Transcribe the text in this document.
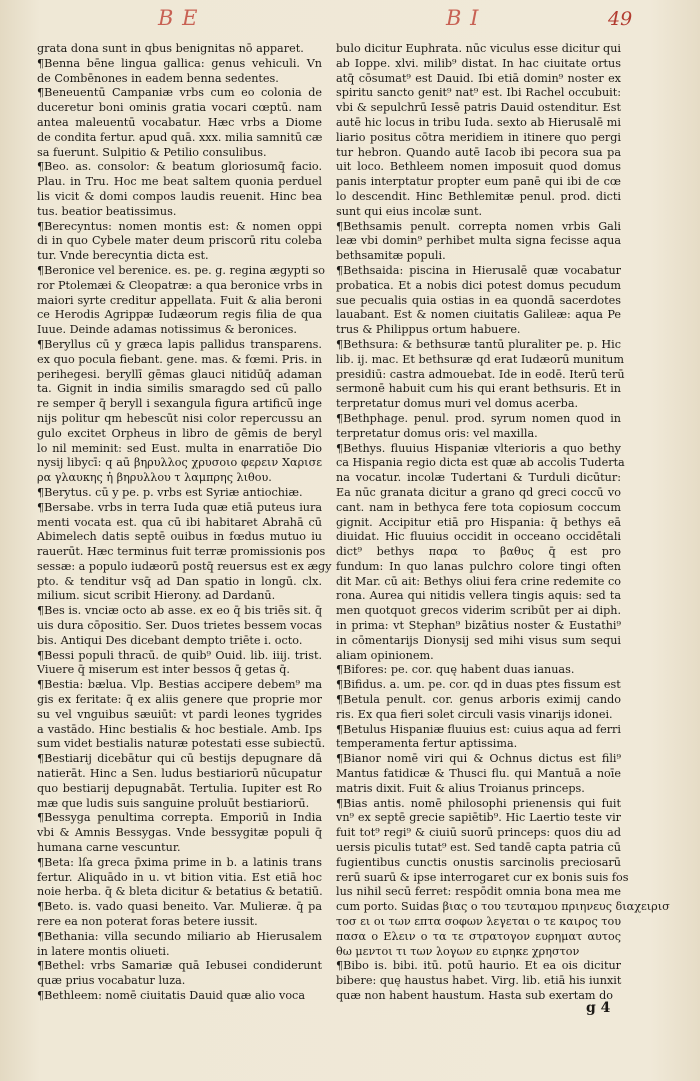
B E	B I	49
grata dona sunt in qbus benignitas nō apparet.
¶Benna bēne lingua gallica: genus vehiculi. Vn
de Combēnones in eadem benna sedentes.
¶Beneuentū Campaniæ vrbs cum eo colonia de
duceretur boni ominis gratia vocari cœptū. nam
antea maleuentū vocabatur. Hæc vrbs a Diome
de condita fertur. apud quā. xxx. milia samnitū cæ
sa fuerunt. Sulpitio & Petilio consulibus.
¶Beo. as. consolor: & beatum gloriosumq̄ facio.
Plau. in Tru. Hoc me beat saltem quonia perduel
lis vicit & domi compos laudis reuenit. Hinc bea
tus. beatior beatissimus.
¶Berecyntus: nomen montis est: & nomen oppi
di in quo Cybele mater deum priscorū ritu coleba
tur. Vnde berecyntia dicta est.
¶Beronice vel berenice. es. pe. g. regina ægypti so
ror Ptolemæi & Cleopatræ: a qua beronice vrbs in
maiori syrte creditur appellata. Fuit & alia beroni
ce Herodis Agrippæ Iudæorum regis filia de qua
Iuue. Deinde adamas notissimus & beronices.
¶Beryllus cū y græca lapis pallidus transparens.
ex quo pocula fiebant. gene. mas. & fœmi. Pris. in
perihegesi. beryllī gēmas glauci nitidūq̄ adaman
ta. Gignit in india similis smaragdo sed cū pallo
re semper q̄ beryll i sexangula figura artificū inge
nijs politur qm hebescūt nisi color repercussu an
gulo excitet Orpheus in libro de gēmis de beryl
lo nil meminit: sed Eust. multa in enarratiōe Dio
nysij libycī: q aū βηρυλλος χρυσοιο φερειν Χαρισε
ρα γλαυκης ἠ βηρυλλου τ λαμπρης λιθου.
¶Berytus. cū y pe. p. vrbs est Syriæ antiochiæ.
¶Bersabe. vrbs in terra Iuda quæ etiā puteus iura
menti vocata est. qua cū ibi habitaret Abrahā cū
Abimelech datis septē ouibus in fœdus mutuo iu
rauerūt. Hæc terminus fuit terræ promissionis pos
sessæ: a populo iudæorū postq̄ reuersus est ex ægy
pto. & tenditur vsq̄ ad Dan spatio in longū. clx.
milium. sicut scribit Hierony. ad Dardanū.
¶Bes is. vnciæ octo ab asse. ex eo q̄ bis triēs sit. q̄
uis dura cōpositio. Ser. Duos trietes bessem vocas
bis. Antiqui Des dicebant dempto triēte i. octo.
¶Bessi populi thracū. de quib⁹ Ouid. lib. iiij. trist.
Viuere q̄ miserum est inter bessos q̄ getas q̄.
¶Bestia: bælua. Vlp. Bestias accipere debem⁹ ma
gis ex feritate: q̄ ex aliis genere que proprie mor
su vel vnguibus sæuiūt: vt pardi leones tygrides
a vastādo. Hinc bestialis & hoc bestiale. Amb. Ips
sum videt bestialis naturæ potestati esse subiectū.
¶Bestiarij dicebātur qui cū bestijs depugnare dā
natierāt. Hinc a Sen. ludus bestiariorū nūcupatur
quo bestiarij depugnabāt. Tertulia. Iupiter est Ro
mæ que ludis suis sanguine proluūt bestiariorū.
¶Bessyga penultima correpta. Emporiū in India
vbi & Amnis Bessygas. Vnde bessygitæ populi q̄
humana carne vescuntur.
¶Beta: lſa greca p̄xima prime in b. a latinis trans
fertur. Aliquādo in u. vt bition vitia. Est etiā hoc
noie herba. q̄ & bleta dicitur & betatius & betatiū.
¶Beto. is. vado quasi beneito. Var. Mulieræ. q̄ pa
rere ea non poterat foras betere iussit.
¶Bethania: villa secundo miliario ab Hierusalem
in latere montis oliueti.
¶Bethel: vrbs Samariæ quā Iebusei condiderunt
quæ prius vocabatur luza.
¶Bethleem: nomē ciuitatis Dauid quæ alio voca
bulo dicitur Euphrata. nūc viculus esse dicitur qui
ab Ioppe. xlvi. milib⁹ distat. In hac ciuitate ortus
atq̄ cōsumat⁹ est Dauid. Ibi etiā domin⁹ noster ex
spiritu sancto genit⁹ nat⁹ est. Ibi Rachel occubuit:
vbi & sepulchrū Iessē patris Dauid ostenditur. Est
autē hic locus in tribu Iuda. sexto ab Hierusalē mi
liario positus cōtra meridiem in itinere quo pergi
tur hebron. Quando autē Iacob ibi pecora sua pa
uit loco. Bethleem nomen imposuit quod domus
panis interptatur propter eum panē qui ibi de cœ
lo descendit. Hinc Bethlemitæ penul. prod. dicti
sunt qui eius incolæ sunt.
¶Bethsamis penult. correpta nomen vrbis Gali
leæ vbi domin⁹ perhibet multa signa fecisse aqua
bethsamitæ populi.
¶Bethsaida: piscina in Hierusalē quæ vocabatur
probatica. Et a nobis dici potest domus pecudum
sue pecualis quia ostias in ea quondā sacerdotes
lauabant. Est & nomen ciuitatis Galileæ: aqua Pe
trus & Philippus ortum habuere.
¶Bethsura: & bethsuræ tantū pluraliter pe. p. Hic
lib. ij. mac. Et bethsuræ qd erat Iudæorū munitum
presidiū: castra admouebat. Ide in eodē. Iterū terū
sermonē habuit cum his qui erant bethsuris. Et in
terpretatur domus muri vel domus acerba.
¶Bethphage. penul. prod. syrum nomen quod in
terpretatur domus oris: vel maxilla.
¶Bethys. fluuius Hispaniæ vlterioris a quo bethy
ca Hispania regio dicta est quæ ab accolis Tuderta
na vocatur. incolæ Tudertani & Turduli dicūtur:
Ea nūc granata dicitur a grano qd greci coccū vo
cant. nam in bethyca fere tota copiosum coccum
gignit. Accipitur etiā pro Hispania: q̄ bethys eā
diuidat. Hic fluuius occidit in occeano occidētali
dict⁹ bethys παρα το βαθυς q̄ est pro
fundum: In quo lanas pulchro colore tingi often
dit Mar. cū ait: Bethys oliui fera crine redemite co
rona. Aurea qui nitidis vellera tingis aquis: sed ta
men quotquot grecos viderim scribūt per ai diph.
in prima: vt Stephan⁹ bizātius noster & Eustathi⁹
in cōmentarijs Dionysij sed mihi visus sum sequi
aliam opinionem.
¶Bifores: pe. cor. quę habent duas ianuas.
¶Bifidus. a. um. pe. cor. qd in duas ptes fissum est
¶Betula penult. cor. genus arboris eximij cando
ris. Ex qua fieri solet circuli vasis vinarijs idonei.
¶Betulus Hispaniæ fluuius est: cuius aqua ad ferri
temperamenta fertur aptissima.
¶Bianor nomē viri qui & Ochnus dictus est fili⁹
Mantus fatidicæ & Thusci flu. qui Mantuā a noīe
matris dixit. Fuit & alius Troianus princeps.
¶Bias antis. nomē philosophi prienensis qui fuit
vn⁹ ex septē grecie sapiētib⁹. Hic Laertio teste vir
fuit tot⁹ regi⁹ & ciuiū suorū princeps: quos diu ad
uersis piculis tutat⁹ est. Sed tandē capta patria cū
fugientibus cunctis onustis sarcinolis preciosarū
rerū suarū & ipse interrogaret cur ex bonis suis fos
lus nihil secū ferret: respōdit omnia bona mea me
cum porto. Suidas βιας ο του τευταμου πριηνευς διαχειρισ
τοσ ει οι των επτα σοφων λεγεται ο τε καιρος του
πασα ο Ελειν ο τα τε στρατογον ευρηματ αυτος
θω μεντοι τι των λογων ευ ειρηκε χρηστον
¶Bibo is. bibi. itū. potū haurio. Et ea ois dicitur
bibere: quę haustus habet. Virg. lib. etiā his iunxit
quæ non habent haustum. Hasta sub exertam do
g 4
